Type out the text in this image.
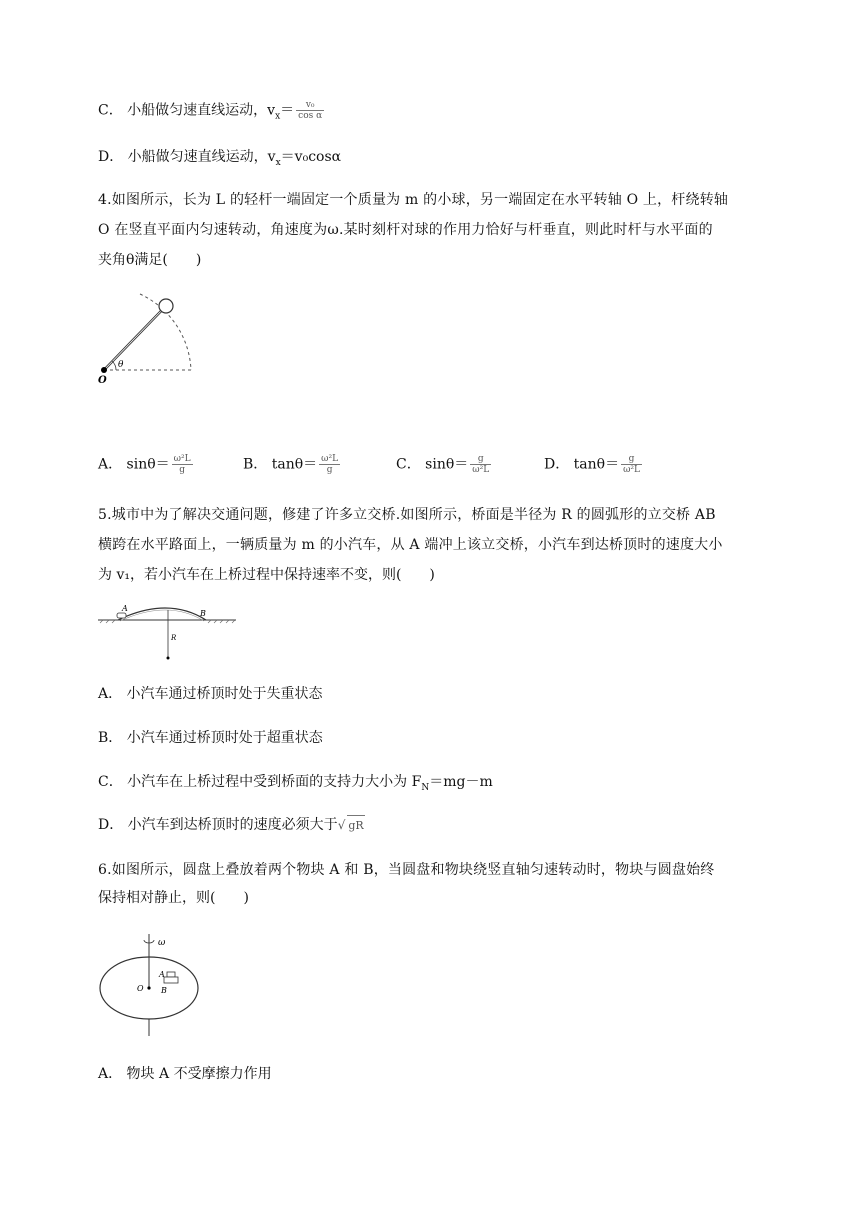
C． 小船做匀速直线运动，$v_x= \frac{\text{v₀}}{\text{cos α}}$
D． 小船做匀速直线运动，$v_x=v_0\cos\alpha$
4.如图所示，长为 L 的轻杆一端固定一个质量为 m 的小球，另一端固定在水平转轴 O 上，杆绕转轴
O 在竖直平面内匀速转动，角速度为ω.某时刻杆对球的作用力恰好与杆垂直，则此时杆与水平面的
夹角θ满足(　　)
θ
O
A． $\sin\theta= \frac{\text{ω²L}}{g}$	B． $\tan\theta= \frac{\text{ω²L}}{g}$	C． $\sin\theta= \frac{g}{\text{ω²L}}$	D． $\tan\theta= \frac{g}{\text{ω²L}}$
5.城市中为了解决交通问题，修建了许多立交桥.如图所示，桥面是半径为 R 的圆弧形的立交桥 AB
横跨在水平路面上，一辆质量为 m 的小汽车，从 A 端冲上该立交桥，小汽车到达桥顶时的速度大小
为 v₁，若小汽车在上桥过程中保持速率不变，则(　　)
A
B
R
A． 小汽车通过桥顶时处于失重状态
B． 小汽车通过桥顶时处于超重状态
C． 小汽车在上桥过程中受到桥面的支持力大小为 $F_N=mg-m$
D． 小汽车到达桥顶时的速度必须大于√ gR
6.如图所示，圆盘上叠放着两个物块 A 和 B，当圆盘和物块绕竖直轴匀速转动时，物块与圆盘始终
保持相对静止，则(　　)
ω
O
A
B
A． 物块 A 不受摩擦力作用
